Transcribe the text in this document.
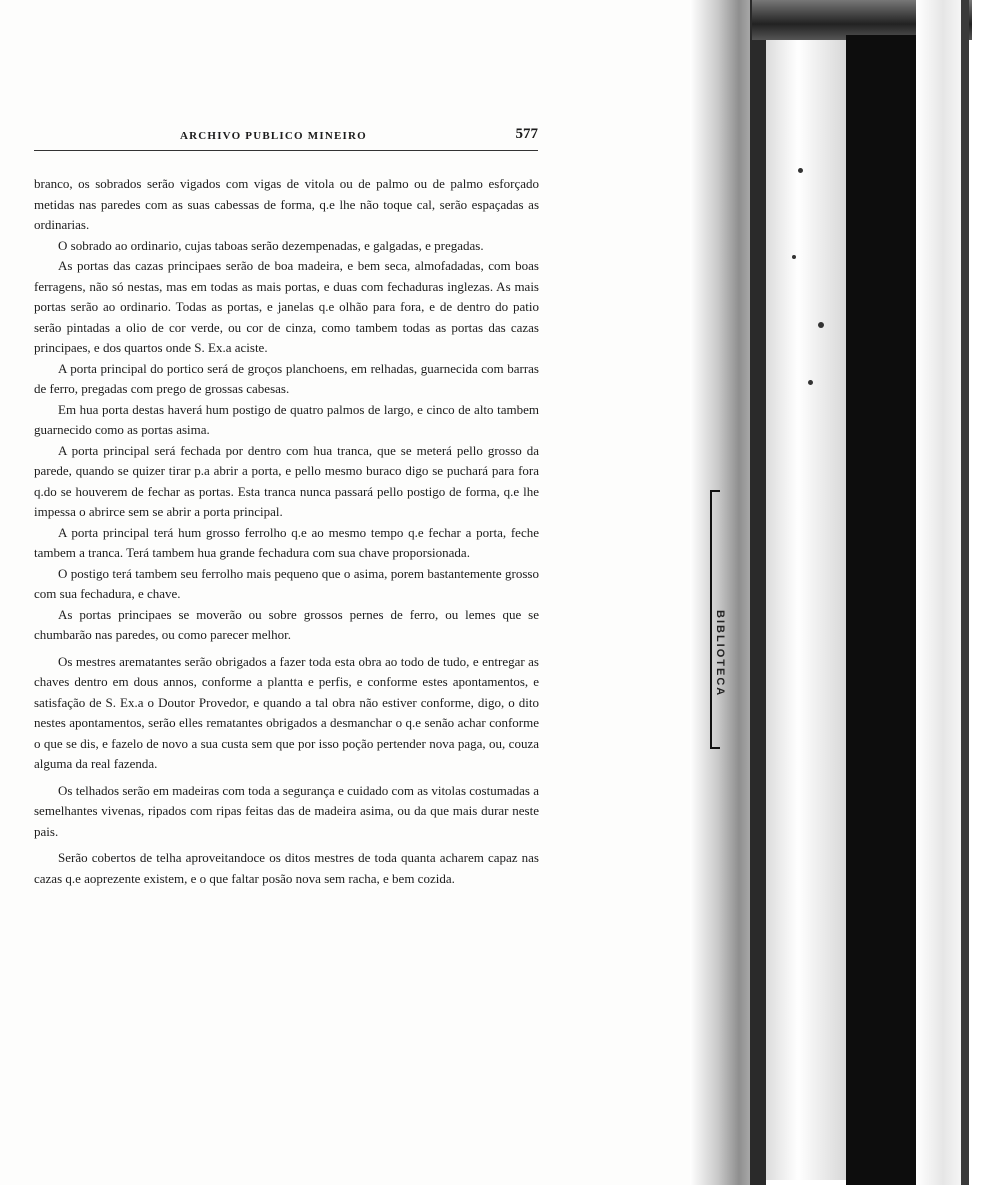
ARCHIVO PUBLICO MINEIRO	577

branco, os sobrados serão vigados com vigas de vitola ou de palmo ou de palmo esforçado metidas nas paredes com as suas cabessas de forma, q.e lhe não toque cal, serão espaçadas as ordinarias.

O sobrado ao ordinario, cujas taboas serão dezempenadas, e galgadas, e pregadas.

As portas das cazas principaes serão de boa madeira, e bem seca, almofadadas, com boas ferragens, não só nestas, mas em todas as mais portas, e duas com fechaduras inglezas. As mais portas serão ao ordinario. Todas as portas, e janelas q.e olhão para fora, e de dentro do patio serão pintadas a olio de cor verde, ou cor de cinza, como tambem todas as portas das cazas principaes, e dos quartos onde S. Ex.a aciste.

A porta principal do portico será de groços planchoens, em relhadas, guarnecida com barras de ferro, pregadas com prego de grossas cabesas.

Em hua porta destas haverá hum postigo de quatro palmos de largo, e cinco de alto tambem guarnecido como as portas asima.

A porta principal será fechada por dentro com hua tranca, que se meterá pello grosso da parede, quando se quizer tirar p.a abrir a porta, e pello mesmo buraco digo se puchará para fora q.do se houverem de fechar as portas. Esta tranca nunca passará pello postigo de forma, q.e lhe impessa o abrirce sem se abrir a porta principal.

A porta principal terá hum grosso ferrolho q.e ao mesmo tempo q.e fechar a porta, feche tambem a tranca. Terá tambem hua grande fechadura com sua chave proporsionada.

O postigo terá tambem seu ferrolho mais pequeno que o asima, porem bastantemente grosso com sua fechadura, e chave.

As portas principaes se moverão ou sobre grossos pernes de ferro, ou lemes que se chumbarão nas paredes, ou como parecer melhor.

Os mestres arematantes serão obrigados a fazer toda esta obra ao todo de tudo, e entregar as chaves dentro em dous annos, conforme a plantta e perfis, e conforme estes apontamentos, e satisfação de S. Ex.a o Doutor Provedor, e quando a tal obra não estiver conforme, digo, o dito nestes apontamentos, serão elles rematantes obrigados a desmanchar o q.e senão achar conforme o que se dis, e fazelo de novo a sua custa sem que por isso poção pertender nova paga, ou, couza alguma da real fazenda.

Os telhados serão em madeiras com toda a segurança e cuidado com as vitolas costumadas a semelhantes vivenas, ripados com ripas feitas das de madeira asima, ou da que mais durar neste pais.

Serão cobertos de telha aproveitandoce os ditos mestres de toda quanta acharem capaz nas cazas q.e aoprezente existem, e o que faltar posão nova sem racha, e bem cozida.
